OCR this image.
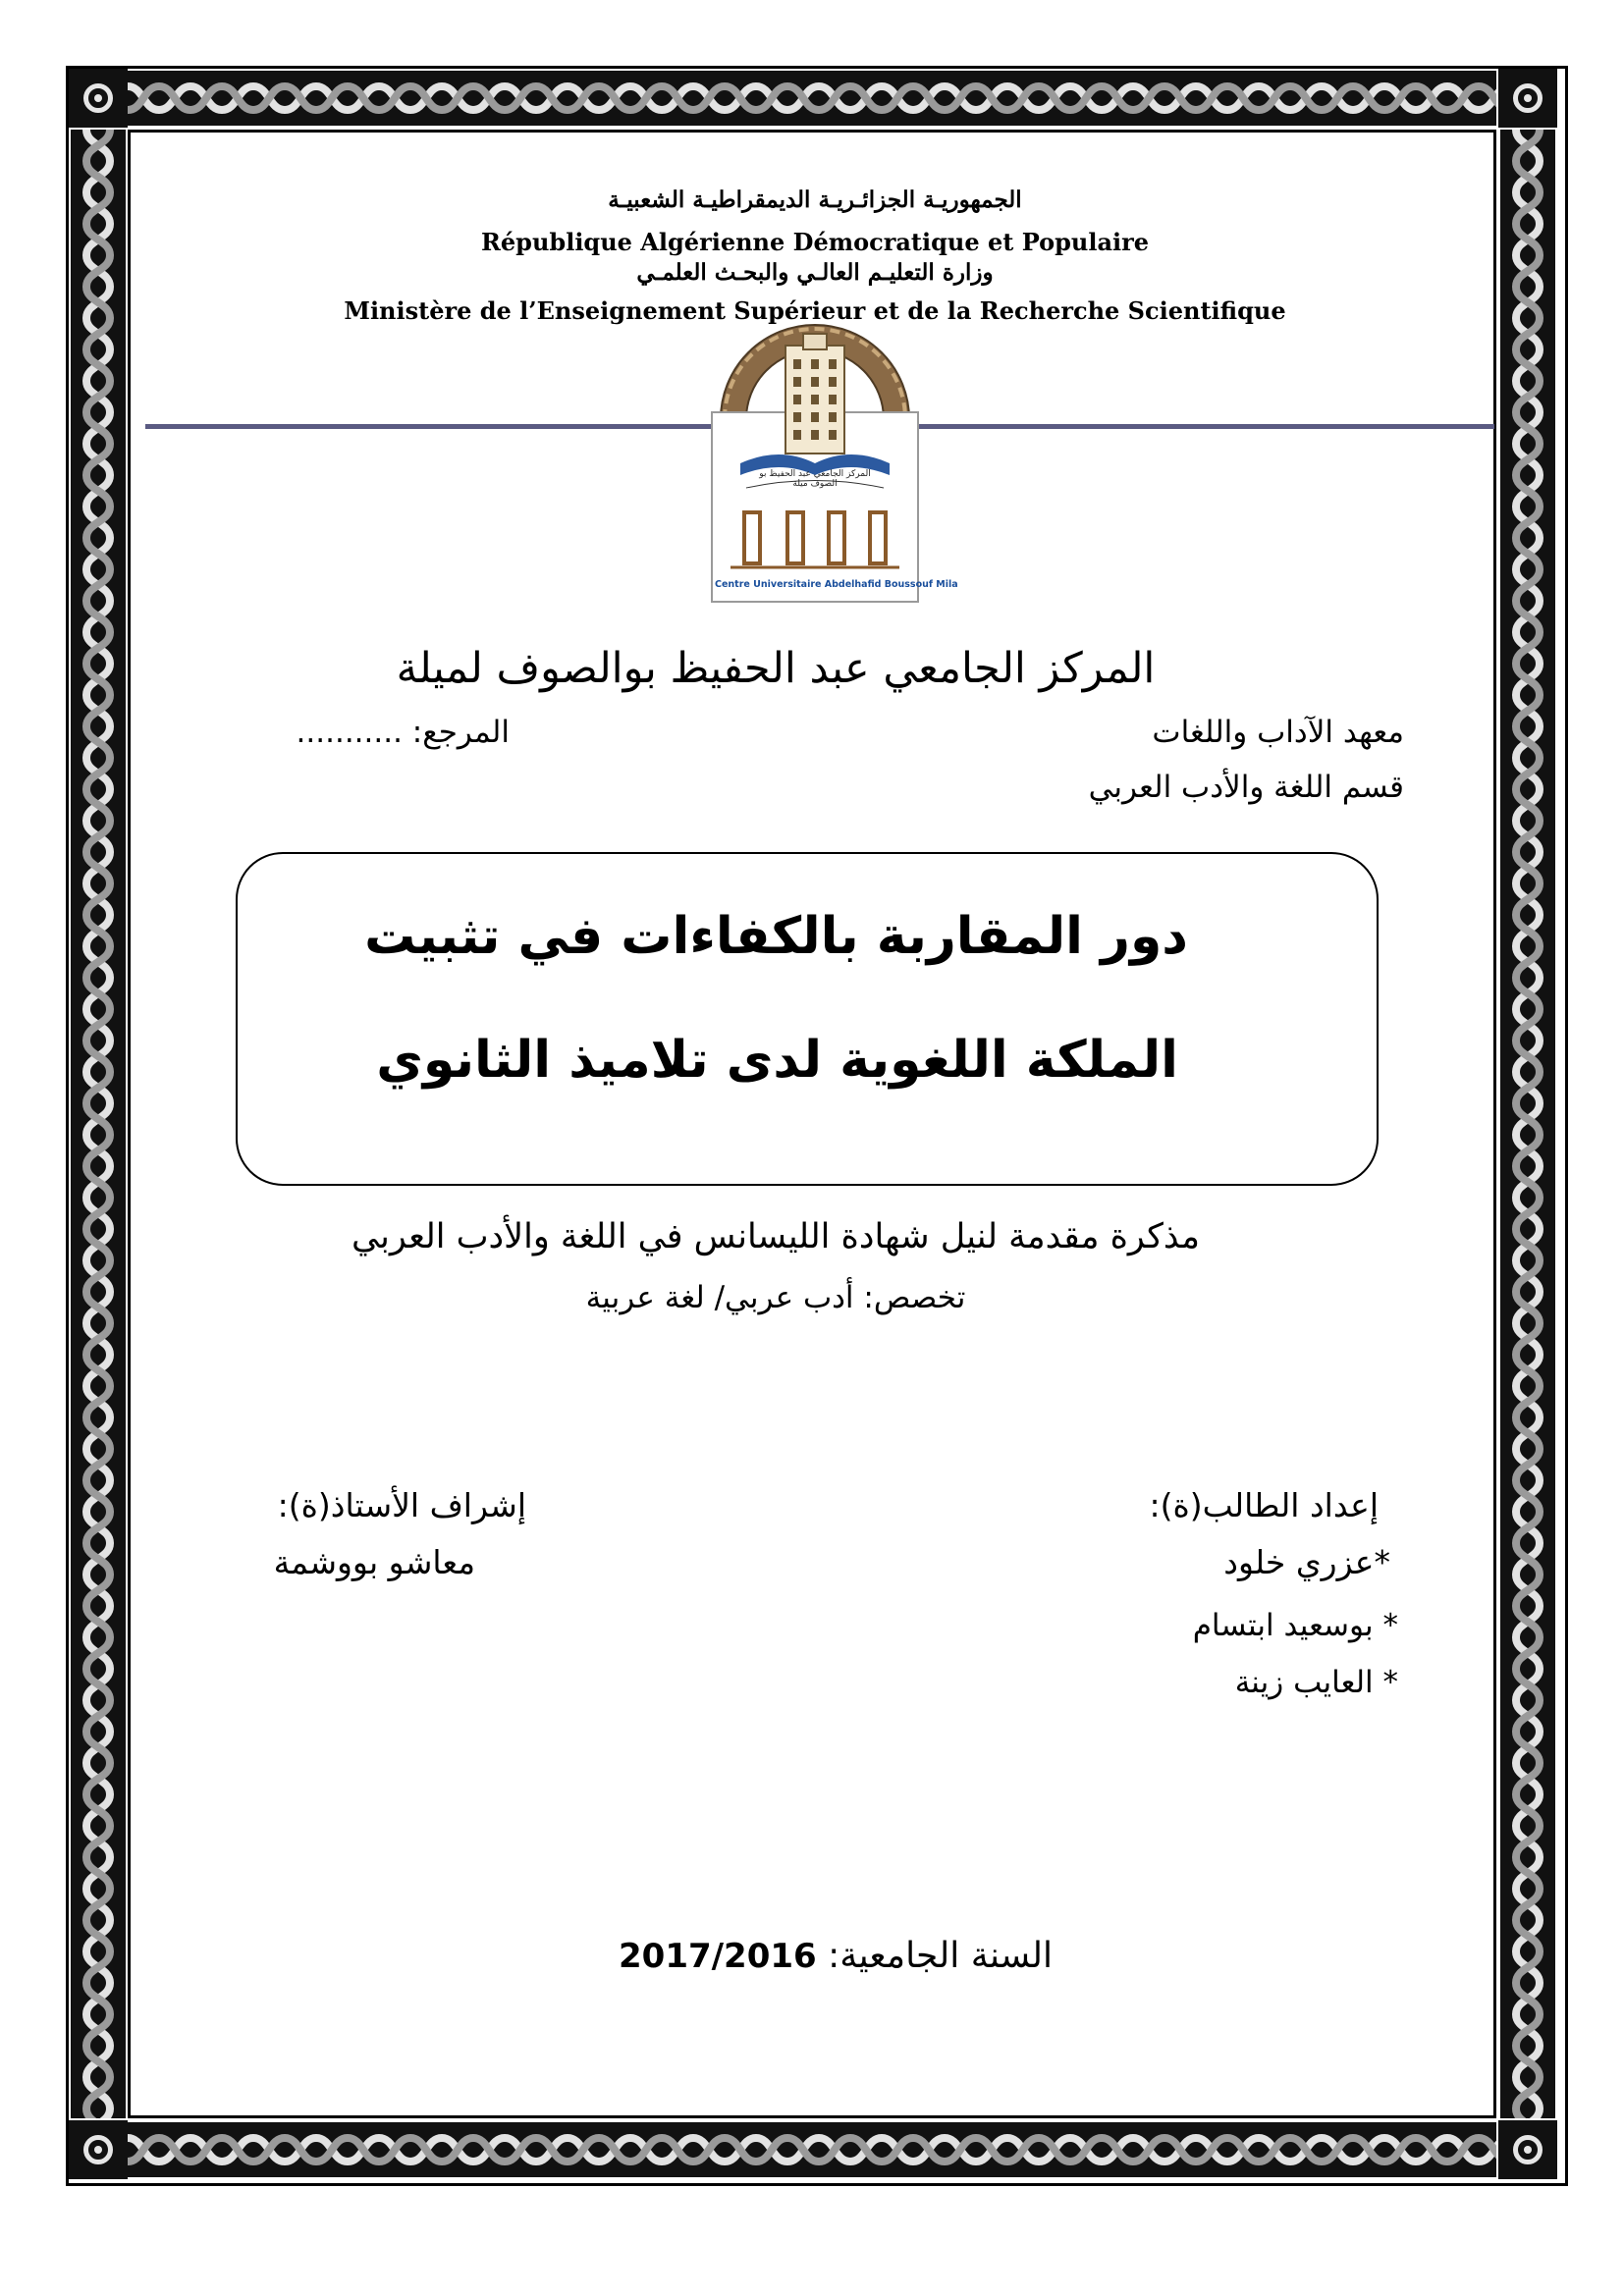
الجمهوريـة الجزائـريـة الديمقراطيـة الشعبيـة
République Algérienne Démocratique et Populaire
وزارة التعليـم العالـي والبحـث العلمـي
Ministère de l’Enseignement Supérieur et de la Recherche Scientifique
المركز الجامعي عبد الحفيظ بو الصوف ميلة
Centre Universitaire Abdelhafid Boussouf Mila
المركز الجامعي عبد الحفيظ بوالصوف لميلة
معهد الآداب واللغات
المرجع: ...........
قسم اللغة والأدب العربي
دور المقاربة بالكفاءات في تثبيت
الملكة اللغوية لدى تلاميذ الثانوي
مذكرة مقدمة لنيل شهادة الليسانس في اللغة والأدب العربي
تخصص: أدب عربي/ لغة عربية
إعداد الطالب(ة):
*عزري خلود
* بوسعيد ابتسام
* العايب زينة
إشراف الأستاذ(ة):
معاشو بووشمة
السنة الجامعية: 2017/2016
